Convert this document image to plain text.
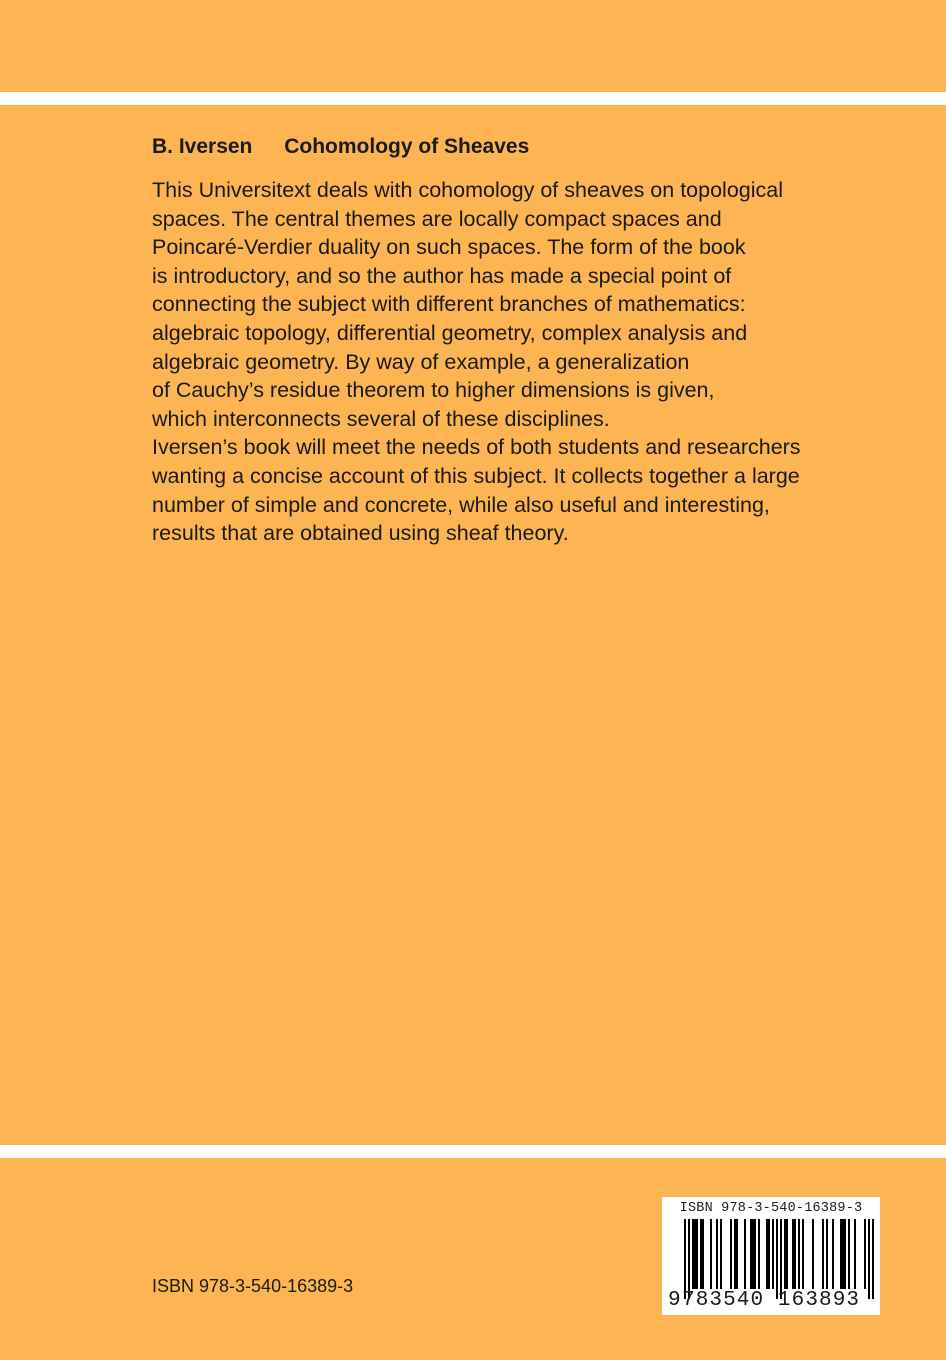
B. Iversen Cohomology of Sheaves

This Universitext deals with cohomology of sheaves on topological
spaces. The central themes are locally compact spaces and
Poincaré-Verdier duality on such spaces. The form of the book
is introductory, and so the author has made a special point of
connecting the subject with different branches of mathematics:
algebraic topology, differential geometry, complex analysis and
algebraic geometry. By way of example, a generalization
of Cauchy’s residue theorem to higher dimensions is given,
which interconnects several of these disciplines.
Iversen’s book will meet the needs of both students and researchers
wanting a concise account of this subject. It collects together a large
number of simple and concrete, while also useful and interesting,
results that are obtained using sheaf theory.

ISBN 978-3-540-16389-3
ISBN 978-3-540-16389-3
9 783540 163893
